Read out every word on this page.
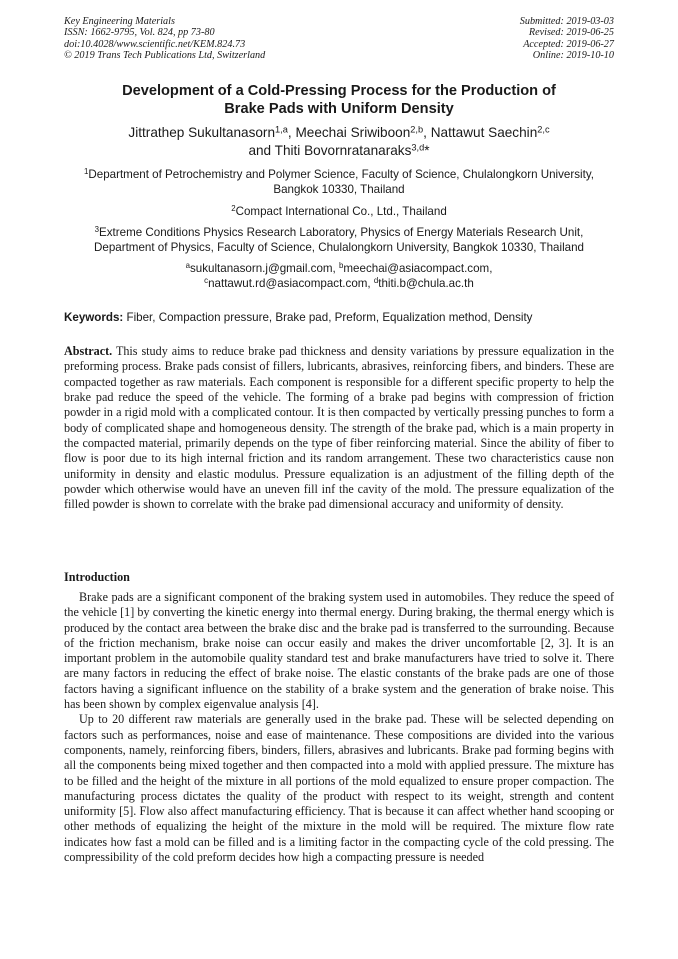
Key Engineering Materials
ISSN: 1662-9795, Vol. 824, pp 73-80
doi:10.4028/www.scientific.net/KEM.824.73
© 2019 Trans Tech Publications Ltd, Switzerland
Submitted: 2019-03-03
Revised: 2019-06-25
Accepted: 2019-06-27
Online: 2019-10-10
Development of a Cold-Pressing Process for the Production of
Brake Pads with Uniform Density
Jittrathep Sukultanasorn$^{1,a}$, Meechai Sriwiboon$^{2,b}$, Nattawut Saechin$^{2,c}$
and Thiti Bovornratanaraks$^{3,d}$*
$^1$Department of Petrochemistry and Polymer Science, Faculty of Science, Chulalongkorn University, Bangkok 10330, Thailand
$^2$Compact International Co., Ltd., Thailand
$^3$Extreme Conditions Physics Research Laboratory, Physics of Energy Materials Research Unit, Department of Physics, Faculty of Science, Chulalongkorn University, Bangkok 10330, Thailand
$^a$sukultanasorn.j@gmail.com, $^b$meechai@asiacompact.com,
$^c$nattawut.rd@asiacompact.com, $^d$thiti.b@chula.ac.th
Keywords: Fiber, Compaction pressure, Brake pad, Preform, Equalization method, Density

Abstract. This study aims to reduce brake pad thickness and density variations by pressure equalization in the preforming process. Brake pads consist of fillers, lubricants, abrasives, reinforcing fibers, and binders. These are compacted together as raw materials. Each component is responsible for a different specific property to help the brake pad reduce the speed of the vehicle. The forming of a brake pad begins with compression of friction powder in a rigid mold with a complicated contour. It is then compacted by vertically pressing punches to form a body of complicated shape and homogeneous density. The strength of the brake pad, which is a main property in the compacted material, primarily depends on the type of fiber reinforcing material. Since the ability of fiber to flow is poor due to its high internal friction and its random arrangement. These two characteristics cause non uniformity in density and elastic modulus. Pressure equalization is an adjustment of the filling depth of the powder which otherwise would have an uneven fill inf the cavity of the mold. The pressure equalization of the filled powder is shown to correlate with the brake pad dimensional accuracy and uniformity of density.

Introduction

Brake pads are a significant component of the braking system used in automobiles. They reduce the speed of the vehicle [1] by converting the kinetic energy into thermal energy. During braking, the thermal energy which is produced by the contact area between the brake disc and the brake pad is transferred to the surrounding. Because of the friction mechanism, brake noise can occur easily and makes the driver uncomfortable [2, 3]. It is an important problem in the automobile quality standard test and brake manufacturers have tried to solve it. There are many factors in reducing the effect of brake noise. The elastic constants of the brake pads are one of those factors having a significant influence on the stability of a brake system and the generation of brake noise. This has been shown by complex eigenvalue analysis [4].

Up to 20 different raw materials are generally used in the brake pad. These will be selected depending on factors such as performances, noise and ease of maintenance. These compositions are divided into the various components, namely, reinforcing fibers, binders, fillers, abrasives and lubricants. Brake pad forming begins with all the components being mixed together and then compacted into a mold with applied pressure. The mixture has to be filled and the height of the mixture in all portions of the mold equalized to ensure proper compaction. The manufacturing process dictates the quality of the product with respect to its weight, strength and content uniformity [5]. Flow also affect manufacturing efficiency. That is because it can affect whether hand scooping or other methods of equalizing the height of the mixture in the mold will be required. The mixture flow rate indicates how fast a mold can be filled and is a limiting factor in the compacting cycle of the cold pressing. The compressibility of the cold preform decides how high a compacting pressure is needed
